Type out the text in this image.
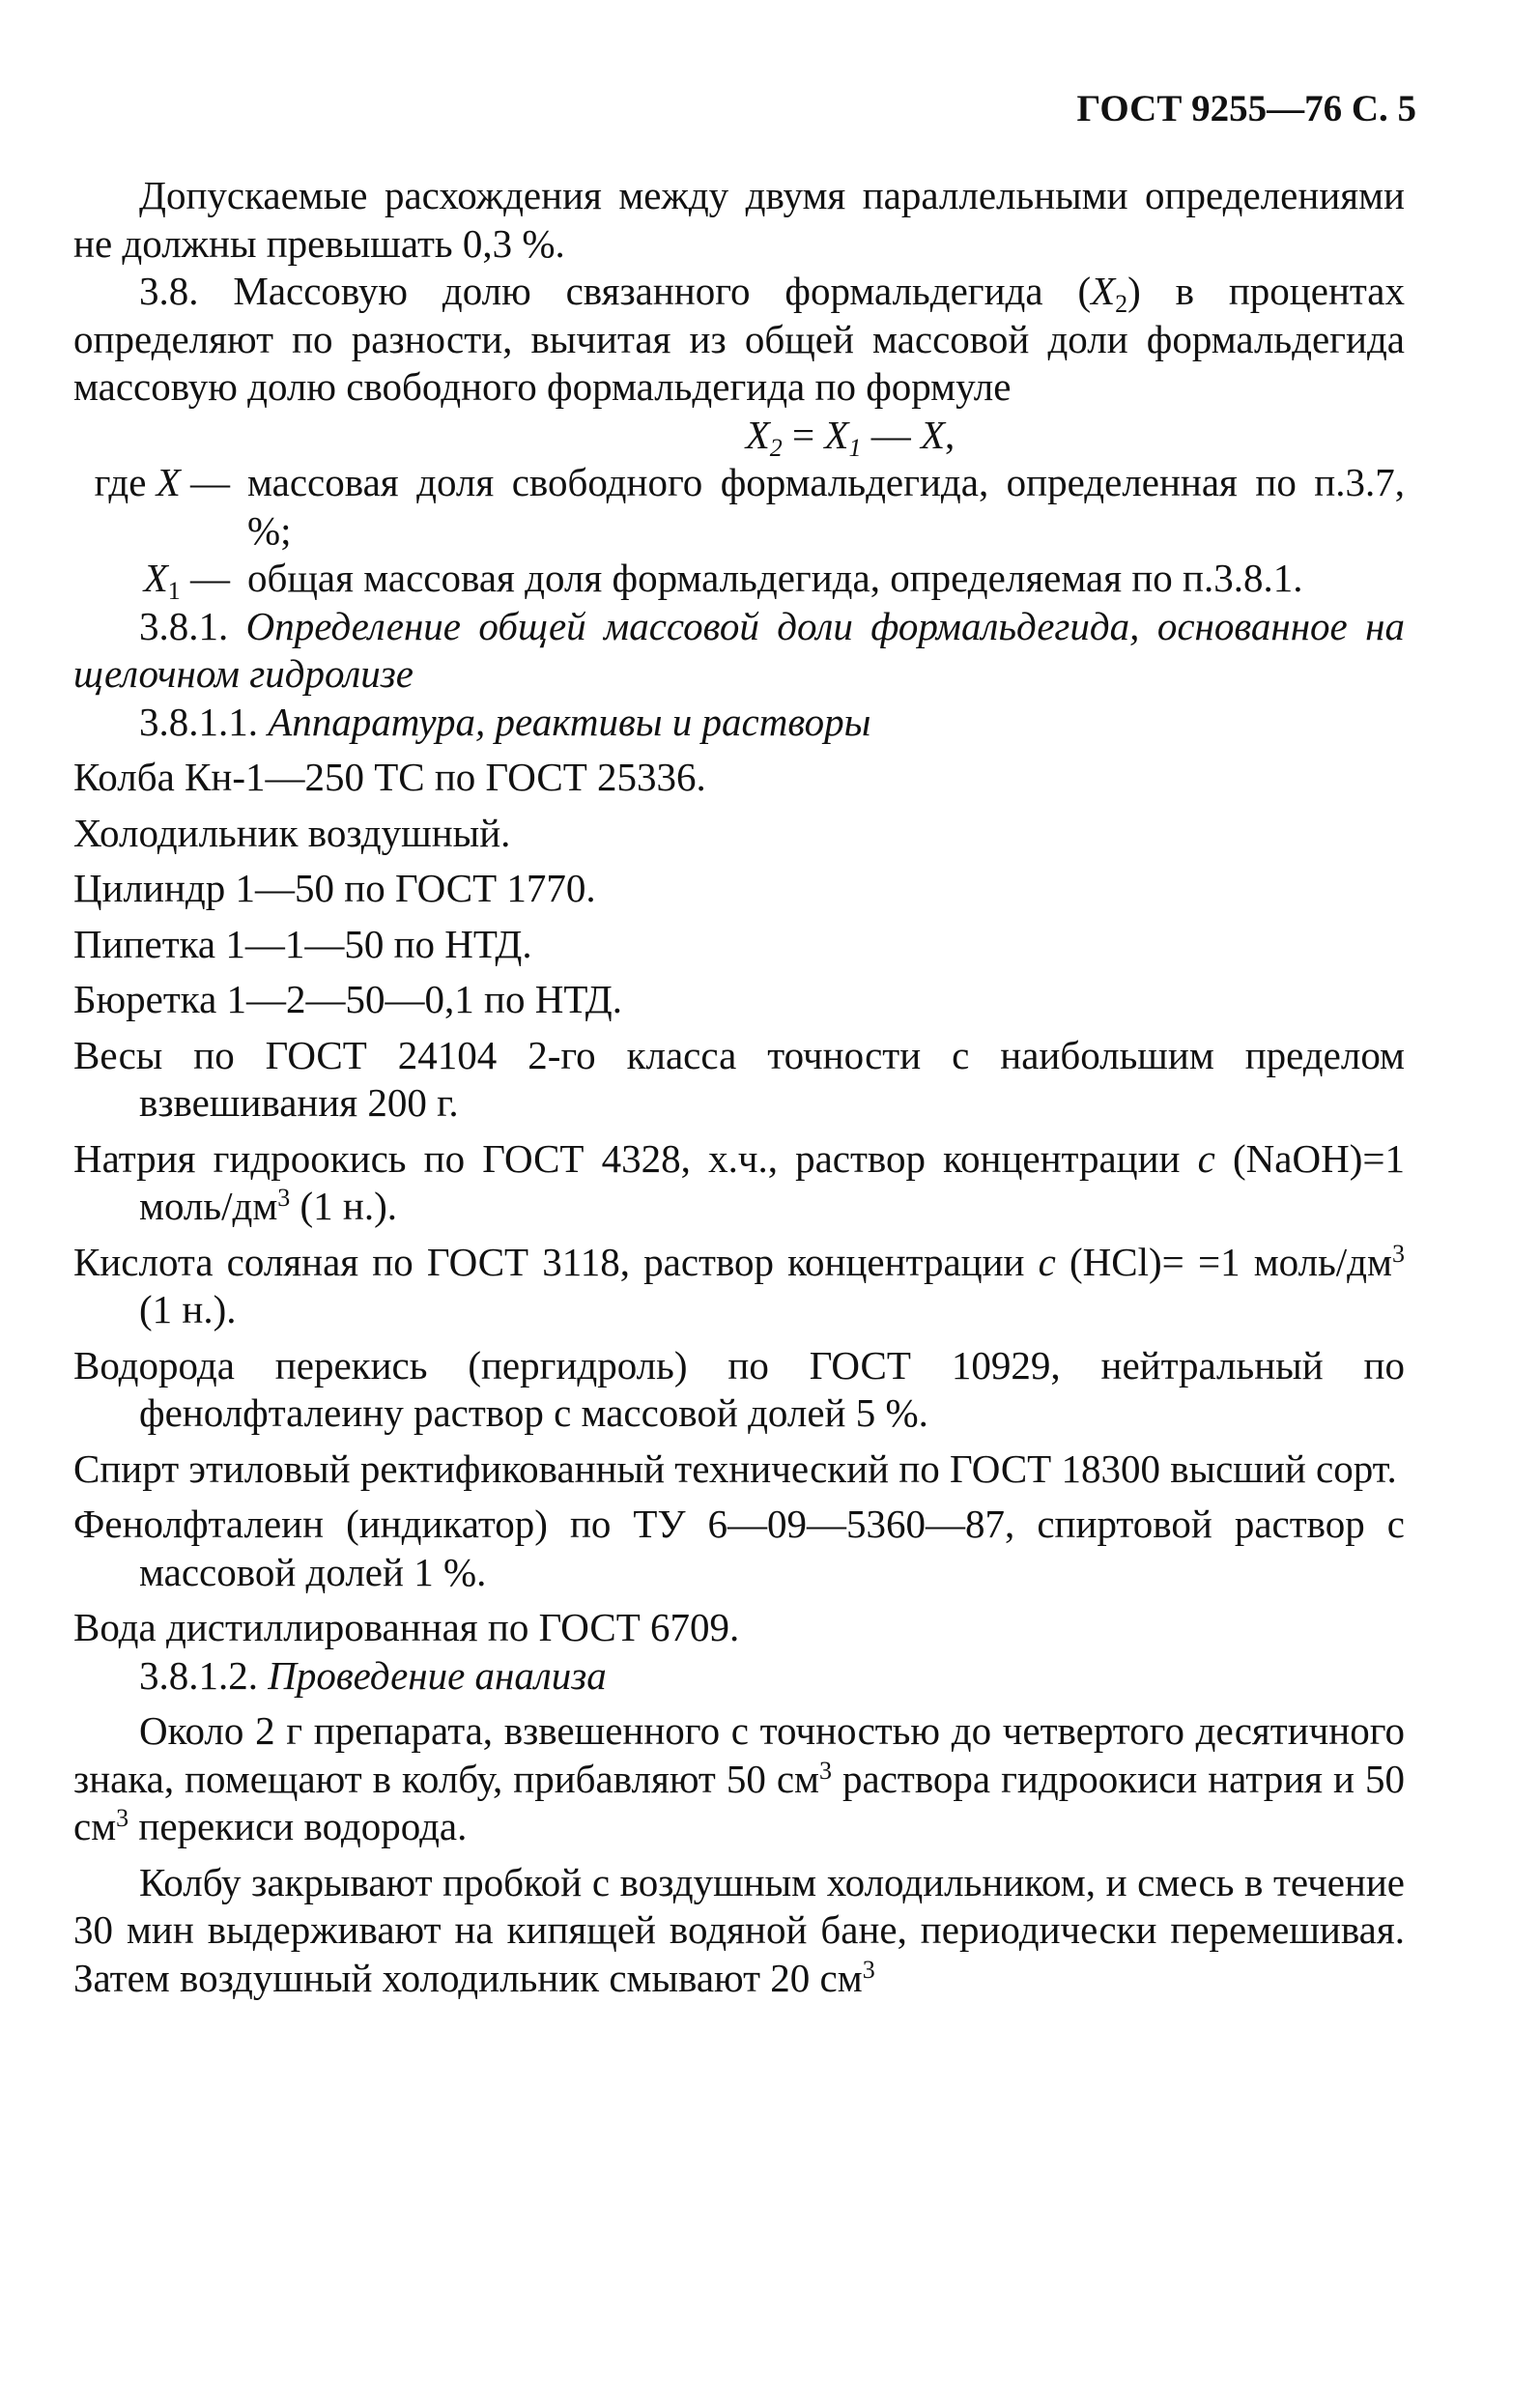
ГОСТ 9255—76 С. 5

Допускаемые расхождения между двумя параллельными определениями не должны превышать 0,3 %.

3.8. Массовую долю связанного формальдегида $(X_2)$ в процентах определяют по разности, вычитая из общей массовой доли формальдегида массовую долю свободного формальдегида по формуле

$X_2 = X_1$ — X,

где X — массовая доля свободного формальдегида, определенная по п.3.7, %;
$X_1$ — общая массовая доля формальдегида, определяемая по п.3.8.1.

3.8.1. Определение общей массовой доли формальдегида, основанное на щелочном гидролизе

3.8.1.1. Аппаратура, реактивы и растворы

Колба Кн-1—250 ТС по ГОСТ 25336.

Холодильник воздушный.

Цилиндр 1—50 по ГОСТ 1770.

Пипетка 1—1—50 по НТД.

Бюретка 1—2—50—0,1 по НТД.

Весы по ГОСТ 24104 2-го класса точности с наибольшим пределом взвешивания 200 г.

Натрия гидроокись по ГОСТ 4328, х.ч., раствор концентрации c (NaOH)=1 моль/$дм^3$ (1 н.).

Кислота соляная по ГОСТ 3118, раствор концентрации c (HCl)= =1 моль/$дм^3$ (1 н.).

Водорода перекись (пергидроль) по ГОСТ 10929, нейтральный по фенолфталеину раствор с массовой долей 5 %.

Спирт этиловый ректификованный технический по ГОСТ 18300 высший сорт.

Фенолфталеин (индикатор) по ТУ 6—09—5360—87, спиртовой раствор с массовой долей 1 %.

Вода дистиллированная по ГОСТ 6709.

3.8.1.2. Проведение анализа

Около 2 г препарата, взвешенного с точностью до четвертого десятичного знака, помещают в колбу, прибавляют 50 $см^3$ раствора гидроокиси натрия и 50 $см^3$ перекиси водорода.

Колбу закрывают пробкой с воздушным холодильником, и смесь в течение 30 мин выдерживают на кипящей водяной бане, периодически перемешивая. Затем воздушный холодильник смывают 20 $см^3$
